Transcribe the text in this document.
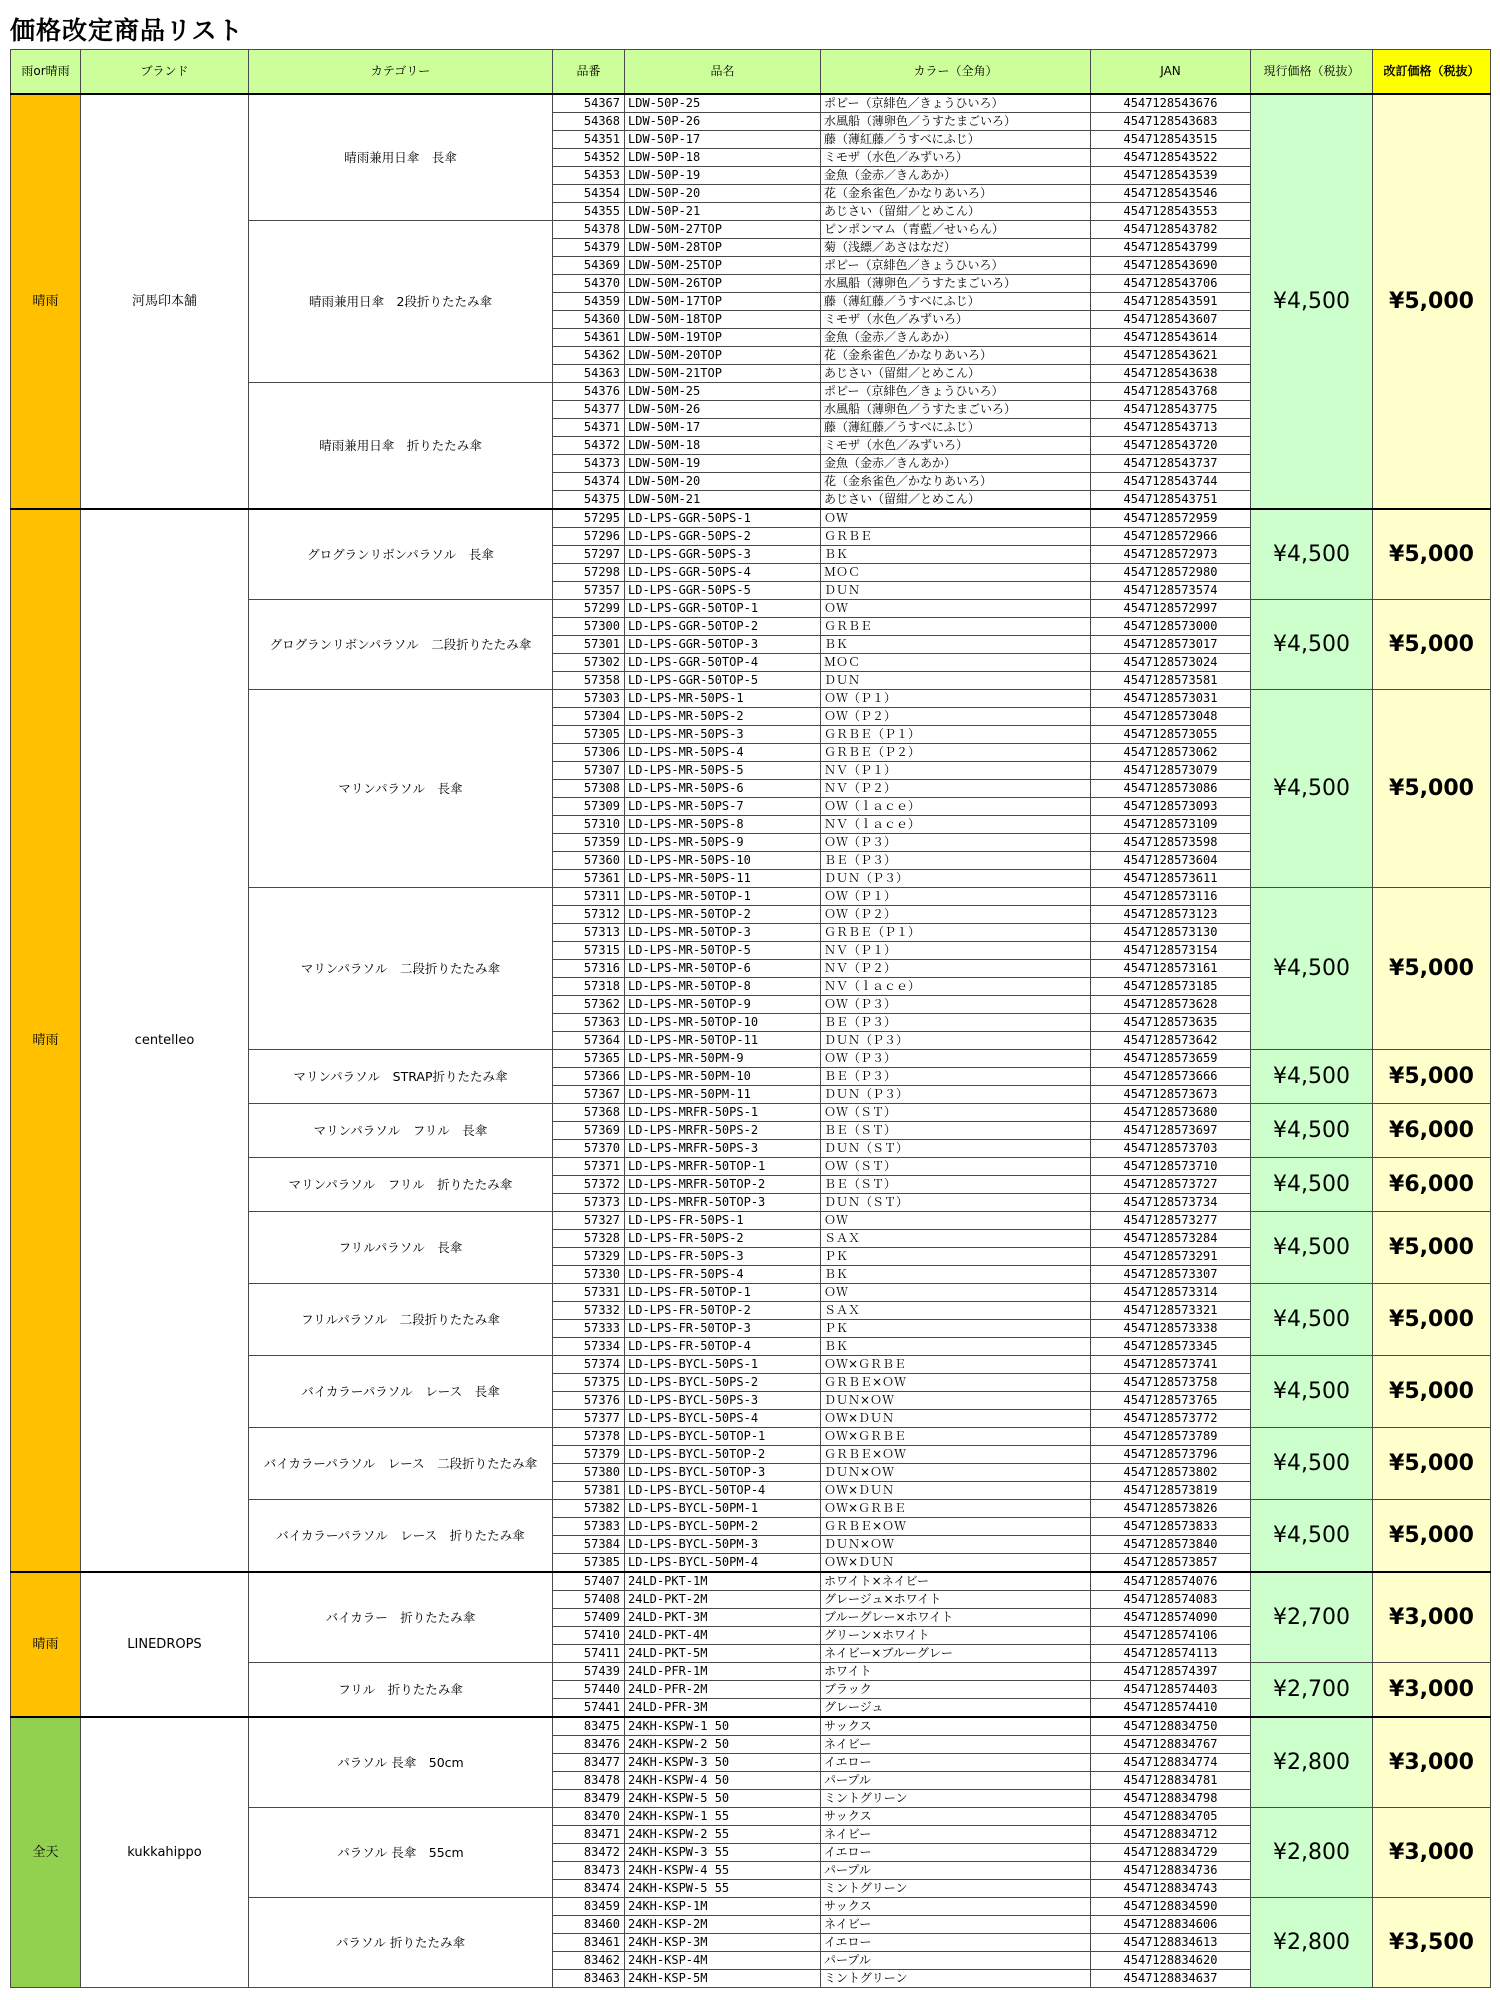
価格改定商品リスト
雨or晴雨	ブランド	カテゴリー	品番	品名	カラー（全角）	JAN	現行価格（税抜）	改訂価格（税抜）
晴雨	河馬印本舗	晴雨兼用日傘　長傘	54367	LDW-50P-25	ポピー（京緋色／きょうひいろ）	4547128543676	¥4,500	¥5,000
			54368	LDW-50P-26	水風船（薄卵色／うすたまごいろ）	4547128543683		
			54351	LDW-50P-17	藤（薄紅藤／うすべにふじ）	4547128543515		
			54352	LDW-50P-18	ミモザ（水色／みずいろ）	4547128543522		
			54353	LDW-50P-19	金魚（金赤／きんあか）	4547128543539		
			54354	LDW-50P-20	花（金糸雀色／かなりあいろ）	4547128543546		
			54355	LDW-50P-21	あじさい（留紺／とめこん）	4547128543553		
		晴雨兼用日傘　2段折りたたみ傘	54378	LDW-50M-27TOP	ピンポンマム（青藍／せいらん）	4547128543782		
			54379	LDW-50M-28TOP	菊（浅縹／あさはなだ）	4547128543799		
			54369	LDW-50M-25TOP	ポピー（京緋色／きょうひいろ）	4547128543690		
			54370	LDW-50M-26TOP	水風船（薄卵色／うすたまごいろ）	4547128543706		
			54359	LDW-50M-17TOP	藤（薄紅藤／うすべにふじ）	4547128543591		
			54360	LDW-50M-18TOP	ミモザ（水色／みずいろ）	4547128543607		
			54361	LDW-50M-19TOP	金魚（金赤／きんあか）	4547128543614		
			54362	LDW-50M-20TOP	花（金糸雀色／かなりあいろ）	4547128543621		
			54363	LDW-50M-21TOP	あじさい（留紺／とめこん）	4547128543638		
		晴雨兼用日傘　折りたたみ傘	54376	LDW-50M-25	ポピー（京緋色／きょうひいろ）	4547128543768		
			54377	LDW-50M-26	水風船（薄卵色／うすたまごいろ）	4547128543775		
			54371	LDW-50M-17	藤（薄紅藤／うすべにふじ）	4547128543713		
			54372	LDW-50M-18	ミモザ（水色／みずいろ）	4547128543720		
			54373	LDW-50M-19	金魚（金赤／きんあか）	4547128543737		
			54374	LDW-50M-20	花（金糸雀色／かなりあいろ）	4547128543744		
			54375	LDW-50M-21	あじさい（留紺／とめこん）	4547128543751		
晴雨	centelleo	グログランリボンパラソル　長傘	57295	LD-LPS-GGR-50PS-1	ＯＷ	4547128572959	¥4,500	¥5,000
			57296	LD-LPS-GGR-50PS-2	ＧＲＢＥ	4547128572966		
			57297	LD-LPS-GGR-50PS-3	ＢＫ	4547128572973		
			57298	LD-LPS-GGR-50PS-4	ＭＯＣ	4547128572980		
			57357	LD-LPS-GGR-50PS-5	ＤＵＮ	4547128573574		
		グログランリボンパラソル　二段折りたたみ傘	57299	LD-LPS-GGR-50TOP-1	ＯＷ	4547128572997	¥4,500	¥5,000
			57300	LD-LPS-GGR-50TOP-2	ＧＲＢＥ	4547128573000		
			57301	LD-LPS-GGR-50TOP-3	ＢＫ	4547128573017		
			57302	LD-LPS-GGR-50TOP-4	ＭＯＣ	4547128573024		
			57358	LD-LPS-GGR-50TOP-5	ＤＵＮ	4547128573581		
		マリンパラソル　長傘	57303	LD-LPS-MR-50PS-1	ＯＷ（Ｐ１）	4547128573031	¥4,500	¥5,000
			57304	LD-LPS-MR-50PS-2	ＯＷ（Ｐ２）	4547128573048		
			57305	LD-LPS-MR-50PS-3	ＧＲＢＥ（Ｐ１）	4547128573055		
			57306	LD-LPS-MR-50PS-4	ＧＲＢＥ（Ｐ２）	4547128573062		
			57307	LD-LPS-MR-50PS-5	ＮＶ（Ｐ１）	4547128573079		
			57308	LD-LPS-MR-50PS-6	ＮＶ（Ｐ２）	4547128573086		
			57309	LD-LPS-MR-50PS-7	ＯＷ（ｌａｃｅ）	4547128573093		
			57310	LD-LPS-MR-50PS-8	ＮＶ（ｌａｃｅ）	4547128573109		
			57359	LD-LPS-MR-50PS-9	ＯＷ（Ｐ３）	4547128573598		
			57360	LD-LPS-MR-50PS-10	ＢＥ（Ｐ３）	4547128573604		
			57361	LD-LPS-MR-50PS-11	ＤＵＮ（Ｐ３）	4547128573611		
		マリンパラソル　二段折りたたみ傘	57311	LD-LPS-MR-50TOP-1	ＯＷ（Ｐ１）	4547128573116	¥4,500	¥5,000
			57312	LD-LPS-MR-50TOP-2	ＯＷ（Ｐ２）	4547128573123		
			57313	LD-LPS-MR-50TOP-3	ＧＲＢＥ（Ｐ１）	4547128573130		
			57315	LD-LPS-MR-50TOP-5	ＮＶ（Ｐ１）	4547128573154		
			57316	LD-LPS-MR-50TOP-6	ＮＶ（Ｐ２）	4547128573161		
			57318	LD-LPS-MR-50TOP-8	ＮＶ（ｌａｃｅ）	4547128573185		
			57362	LD-LPS-MR-50TOP-9	ＯＷ（Ｐ３）	4547128573628		
			57363	LD-LPS-MR-50TOP-10	ＢＥ（Ｐ３）	4547128573635		
			57364	LD-LPS-MR-50TOP-11	ＤＵＮ（Ｐ３）	4547128573642		
		マリンパラソル　STRAP折りたたみ傘	57365	LD-LPS-MR-50PM-9	ＯＷ（Ｐ３）	4547128573659	¥4,500	¥5,000
			57366	LD-LPS-MR-50PM-10	ＢＥ（Ｐ３）	4547128573666		
			57367	LD-LPS-MR-50PM-11	ＤＵＮ（Ｐ３）	4547128573673		
		マリンパラソル　フリル　長傘	57368	LD-LPS-MRFR-50PS-1	ＯＷ（ＳＴ）	4547128573680	¥4,500	¥6,000
			57369	LD-LPS-MRFR-50PS-2	ＢＥ（ＳＴ）	4547128573697		
			57370	LD-LPS-MRFR-50PS-3	ＤＵＮ（ＳＴ）	4547128573703		
		マリンパラソル　フリル　折りたたみ傘	57371	LD-LPS-MRFR-50TOP-1	ＯＷ（ＳＴ）	4547128573710	¥4,500	¥6,000
			57372	LD-LPS-MRFR-50TOP-2	ＢＥ（ＳＴ）	4547128573727		
			57373	LD-LPS-MRFR-50TOP-3	ＤＵＮ（ＳＴ）	4547128573734		
		フリルパラソル　長傘	57327	LD-LPS-FR-50PS-1	ＯＷ	4547128573277	¥4,500	¥5,000
			57328	LD-LPS-FR-50PS-2	ＳＡＸ	4547128573284		
			57329	LD-LPS-FR-50PS-3	ＰＫ	4547128573291		
			57330	LD-LPS-FR-50PS-4	ＢＫ	4547128573307		
		フリルパラソル　二段折りたたみ傘	57331	LD-LPS-FR-50TOP-1	ＯＷ	4547128573314	¥4,500	¥5,000
			57332	LD-LPS-FR-50TOP-2	ＳＡＸ	4547128573321		
			57333	LD-LPS-FR-50TOP-3	ＰＫ	4547128573338		
			57334	LD-LPS-FR-50TOP-4	ＢＫ	4547128573345		
		バイカラーパラソル　レース　長傘	57374	LD-LPS-BYCL-50PS-1	ＯＷ×ＧＲＢＥ	4547128573741	¥4,500	¥5,000
			57375	LD-LPS-BYCL-50PS-2	ＧＲＢＥ×ＯＷ	4547128573758		
			57376	LD-LPS-BYCL-50PS-3	ＤＵＮ×ＯＷ	4547128573765		
			57377	LD-LPS-BYCL-50PS-4	ＯＷ×ＤＵＮ	4547128573772		
		バイカラーパラソル　レース　二段折りたたみ傘	57378	LD-LPS-BYCL-50TOP-1	ＯＷ×ＧＲＢＥ	4547128573789	¥4,500	¥5,000
			57379	LD-LPS-BYCL-50TOP-2	ＧＲＢＥ×ＯＷ	4547128573796		
			57380	LD-LPS-BYCL-50TOP-3	ＤＵＮ×ＯＷ	4547128573802		
			57381	LD-LPS-BYCL-50TOP-4	ＯＷ×ＤＵＮ	4547128573819		
		バイカラーパラソル　レース　折りたたみ傘	57382	LD-LPS-BYCL-50PM-1	ＯＷ×ＧＲＢＥ	4547128573826	¥4,500	¥5,000
			57383	LD-LPS-BYCL-50PM-2	ＧＲＢＥ×ＯＷ	4547128573833		
			57384	LD-LPS-BYCL-50PM-3	ＤＵＮ×ＯＷ	4547128573840		
			57385	LD-LPS-BYCL-50PM-4	ＯＷ×ＤＵＮ	4547128573857		
晴雨	LINEDROPS	バイカラー　折りたたみ傘	57407	24LD-PKT-1M	ホワイト×ネイビー	4547128574076	¥2,700	¥3,000
			57408	24LD-PKT-2M	グレージュ×ホワイト	4547128574083		
			57409	24LD-PKT-3M	ブルーグレー×ホワイト	4547128574090		
			57410	24LD-PKT-4M	グリーン×ホワイト	4547128574106		
			57411	24LD-PKT-5M	ネイビー×ブルーグレー	4547128574113		
		フリル　折りたたみ傘	57439	24LD-PFR-1M	ホワイト	4547128574397	¥2,700	¥3,000
			57440	24LD-PFR-2M	ブラック	4547128574403		
			57441	24LD-PFR-3M	グレージュ	4547128574410		
全天	kukkahippo	パラソル 長傘　50cm	83475	24KH-KSPW-1 50	サックス	4547128834750	¥2,800	¥3,000
			83476	24KH-KSPW-2 50	ネイビー	4547128834767		
			83477	24KH-KSPW-3 50	イエロー	4547128834774		
			83478	24KH-KSPW-4 50	パープル	4547128834781		
			83479	24KH-KSPW-5 50	ミントグリーン	4547128834798		
		パラソル 長傘　55cm	83470	24KH-KSPW-1 55	サックス	4547128834705	¥2,800	¥3,000
			83471	24KH-KSPW-2 55	ネイビー	4547128834712		
			83472	24KH-KSPW-3 55	イエロー	4547128834729		
			83473	24KH-KSPW-4 55	パープル	4547128834736		
			83474	24KH-KSPW-5 55	ミントグリーン	4547128834743		
		パラソル 折りたたみ傘	83459	24KH-KSP-1M	サックス	4547128834590	¥2,800	¥3,500
			83460	24KH-KSP-2M	ネイビー	4547128834606		
			83461	24KH-KSP-3M	イエロー	4547128834613		
			83462	24KH-KSP-4M	パープル	4547128834620		
			83463	24KH-KSP-5M	ミントグリーン	4547128834637		
